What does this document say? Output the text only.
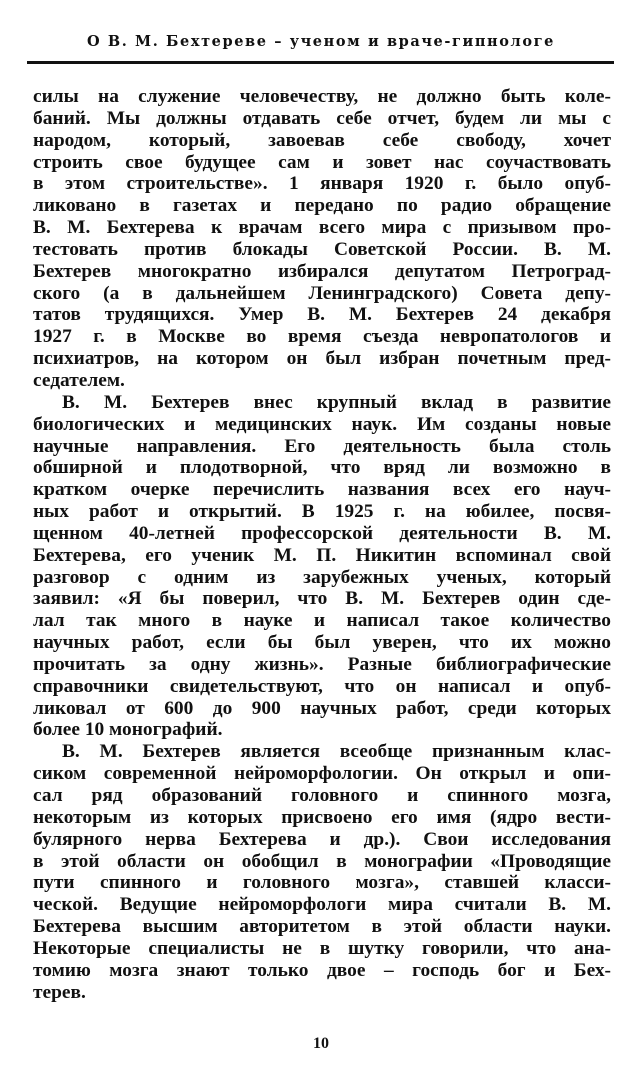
О В. М. Бехтереве – ученом и враче-гипнологе
силы на служение человечеству, не должно быть коле-
баний. Мы должны отдавать себе отчет, будем ли мы с
народом, который, завоевав себе свободу, хочет
строить свое будущее сам и зовет нас соучаствовать
в этом строительстве». 1 января 1920 г. было опуб-
ликовано в газетах и передано по радио обращение
В. М. Бехтерева к врачам всего мира с призывом про-
тестовать против блокады Советской России. В. М.
Бехтерев многократно избирался депутатом Петроград-
ского (а в дальнейшем Ленинградского) Совета депу-
татов трудящихся. Умер В. М. Бехтерев 24 декабря
1927 г. в Москве во время съезда невропатологов и
психиатров, на котором он был избран почетным пред-
седателем.
В. М. Бехтерев внес крупный вклад в развитие
биологических и медицинских наук. Им созданы новые
научные направления. Его деятельность была столь
обширной и плодотворной, что вряд ли возможно в
кратком очерке перечислить названия всех его науч-
ных работ и открытий. В 1925 г. на юбилее, посвя-
щенном 40-летней профессорской деятельности В. М.
Бехтерева, его ученик М. П. Никитин вспоминал свой
разговор с одним из зарубежных ученых, который
заявил: «Я бы поверил, что В. М. Бехтерев один сде-
лал так много в науке и написал такое количество
научных работ, если бы был уверен, что их можно
прочитать за одну жизнь». Разные библиографические
справочники свидетельствуют, что он написал и опуб-
ликовал от 600 до 900 научных работ, среди которых
более 10 монографий.
В. М. Бехтерев является всеобще признанным клас-
сиком современной нейроморфологии. Он открыл и опи-
сал ряд образований головного и спинного мозга,
некоторым из которых присвоено его имя (ядро вести-
булярного нерва Бехтерева и др.). Свои исследования
в этой области он обобщил в монографии «Проводящие
пути спинного и головного мозга», ставшей класси-
ческой. Ведущие нейроморфологи мира считали В. М.
Бехтерева высшим авторитетом в этой области науки.
Некоторые специалисты не в шутку говорили, что ана-
томию мозга знают только двое – господь бог и Бех-
терев.
10
